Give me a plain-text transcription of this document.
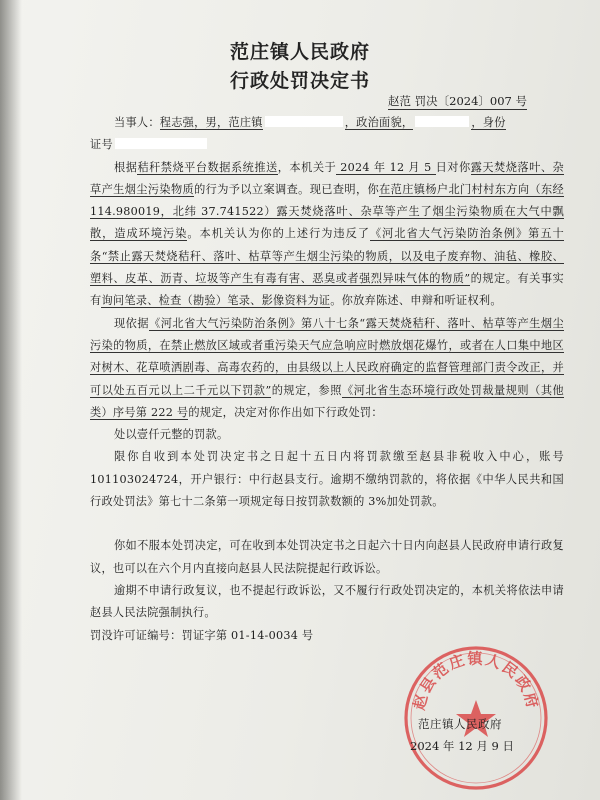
范庄镇人民政府
行政处罚决定书
赵范 罚决〔2024〕007 号

当事人：程志强，男，范庄镇	，政治面貌，	，身份

证号

根据秸秆禁烧平台数据系统推送，本机关于 2024 年 12 月 5 日对你露天焚烧落叶、杂草产生烟尘污染物质的行为予以立案调查。现已查明，你在范庄镇杨户北门村村东方向（东经 114.980019，北纬 37.741522）露天焚烧落叶、杂草等产生了烟尘污染物质在大气中飘散，造成环境污染。本机关认为你的上述行为违反了《河北省大气污染防治条例》第五十条“禁止露天焚烧秸秆、落叶、枯草等产生烟尘污染的物质，以及电子废弃物、油毡、橡胶、塑料、皮革、沥青、垃圾等产生有毒有害、恶臭或者强烈异味气体的物质”的规定。有关事实有询问笔录、检查（勘验）笔录、影像资料为证。你放弃陈述、申辩和听证权利。

现依据《河北省大气污染防治条例》第八十七条“露天焚烧秸秆、落叶、枯草等产生烟尘污染的物质，在禁止燃放区域或者重污染天气应急响应时燃放烟花爆竹，或者在人口集中地区对树木、花草喷洒剧毒、高毒农药的，由县级以上人民政府确定的监督管理部门责令改正，并可以处五百元以上二千元以下罚款”的规定，参照《河北省生态环境行政处罚裁量规则（其他类）序号第 222 号的规定，决定对你作出如下行政处罚：

处以壹仟元整的罚款。

限你自收到本处罚决定书之日起十五日内将罚款缴至赵县非税收入中心，账号 101103024724，开户银行：中行赵县支行。逾期不缴纳罚款的，将依据《中华人民共和国行政处罚法》第七十二条第一项规定每日按罚款数额的 3%加处罚款。

你如不服本处罚决定，可在收到本处罚决定书之日起六十日内向赵县人民政府申请行政复议，也可以在六个月内直接向赵县人民法院提起行政诉讼。

逾期不申请行政复议，也不提起行政诉讼，又不履行行政处罚决定的，本机关将依法申请赵县人民法院强制执行。

罚没许可证编号：罚证字第 01-14-0034 号

赵县范庄镇人民政府
范庄镇人民政府
2024 年 12 月 9 日
